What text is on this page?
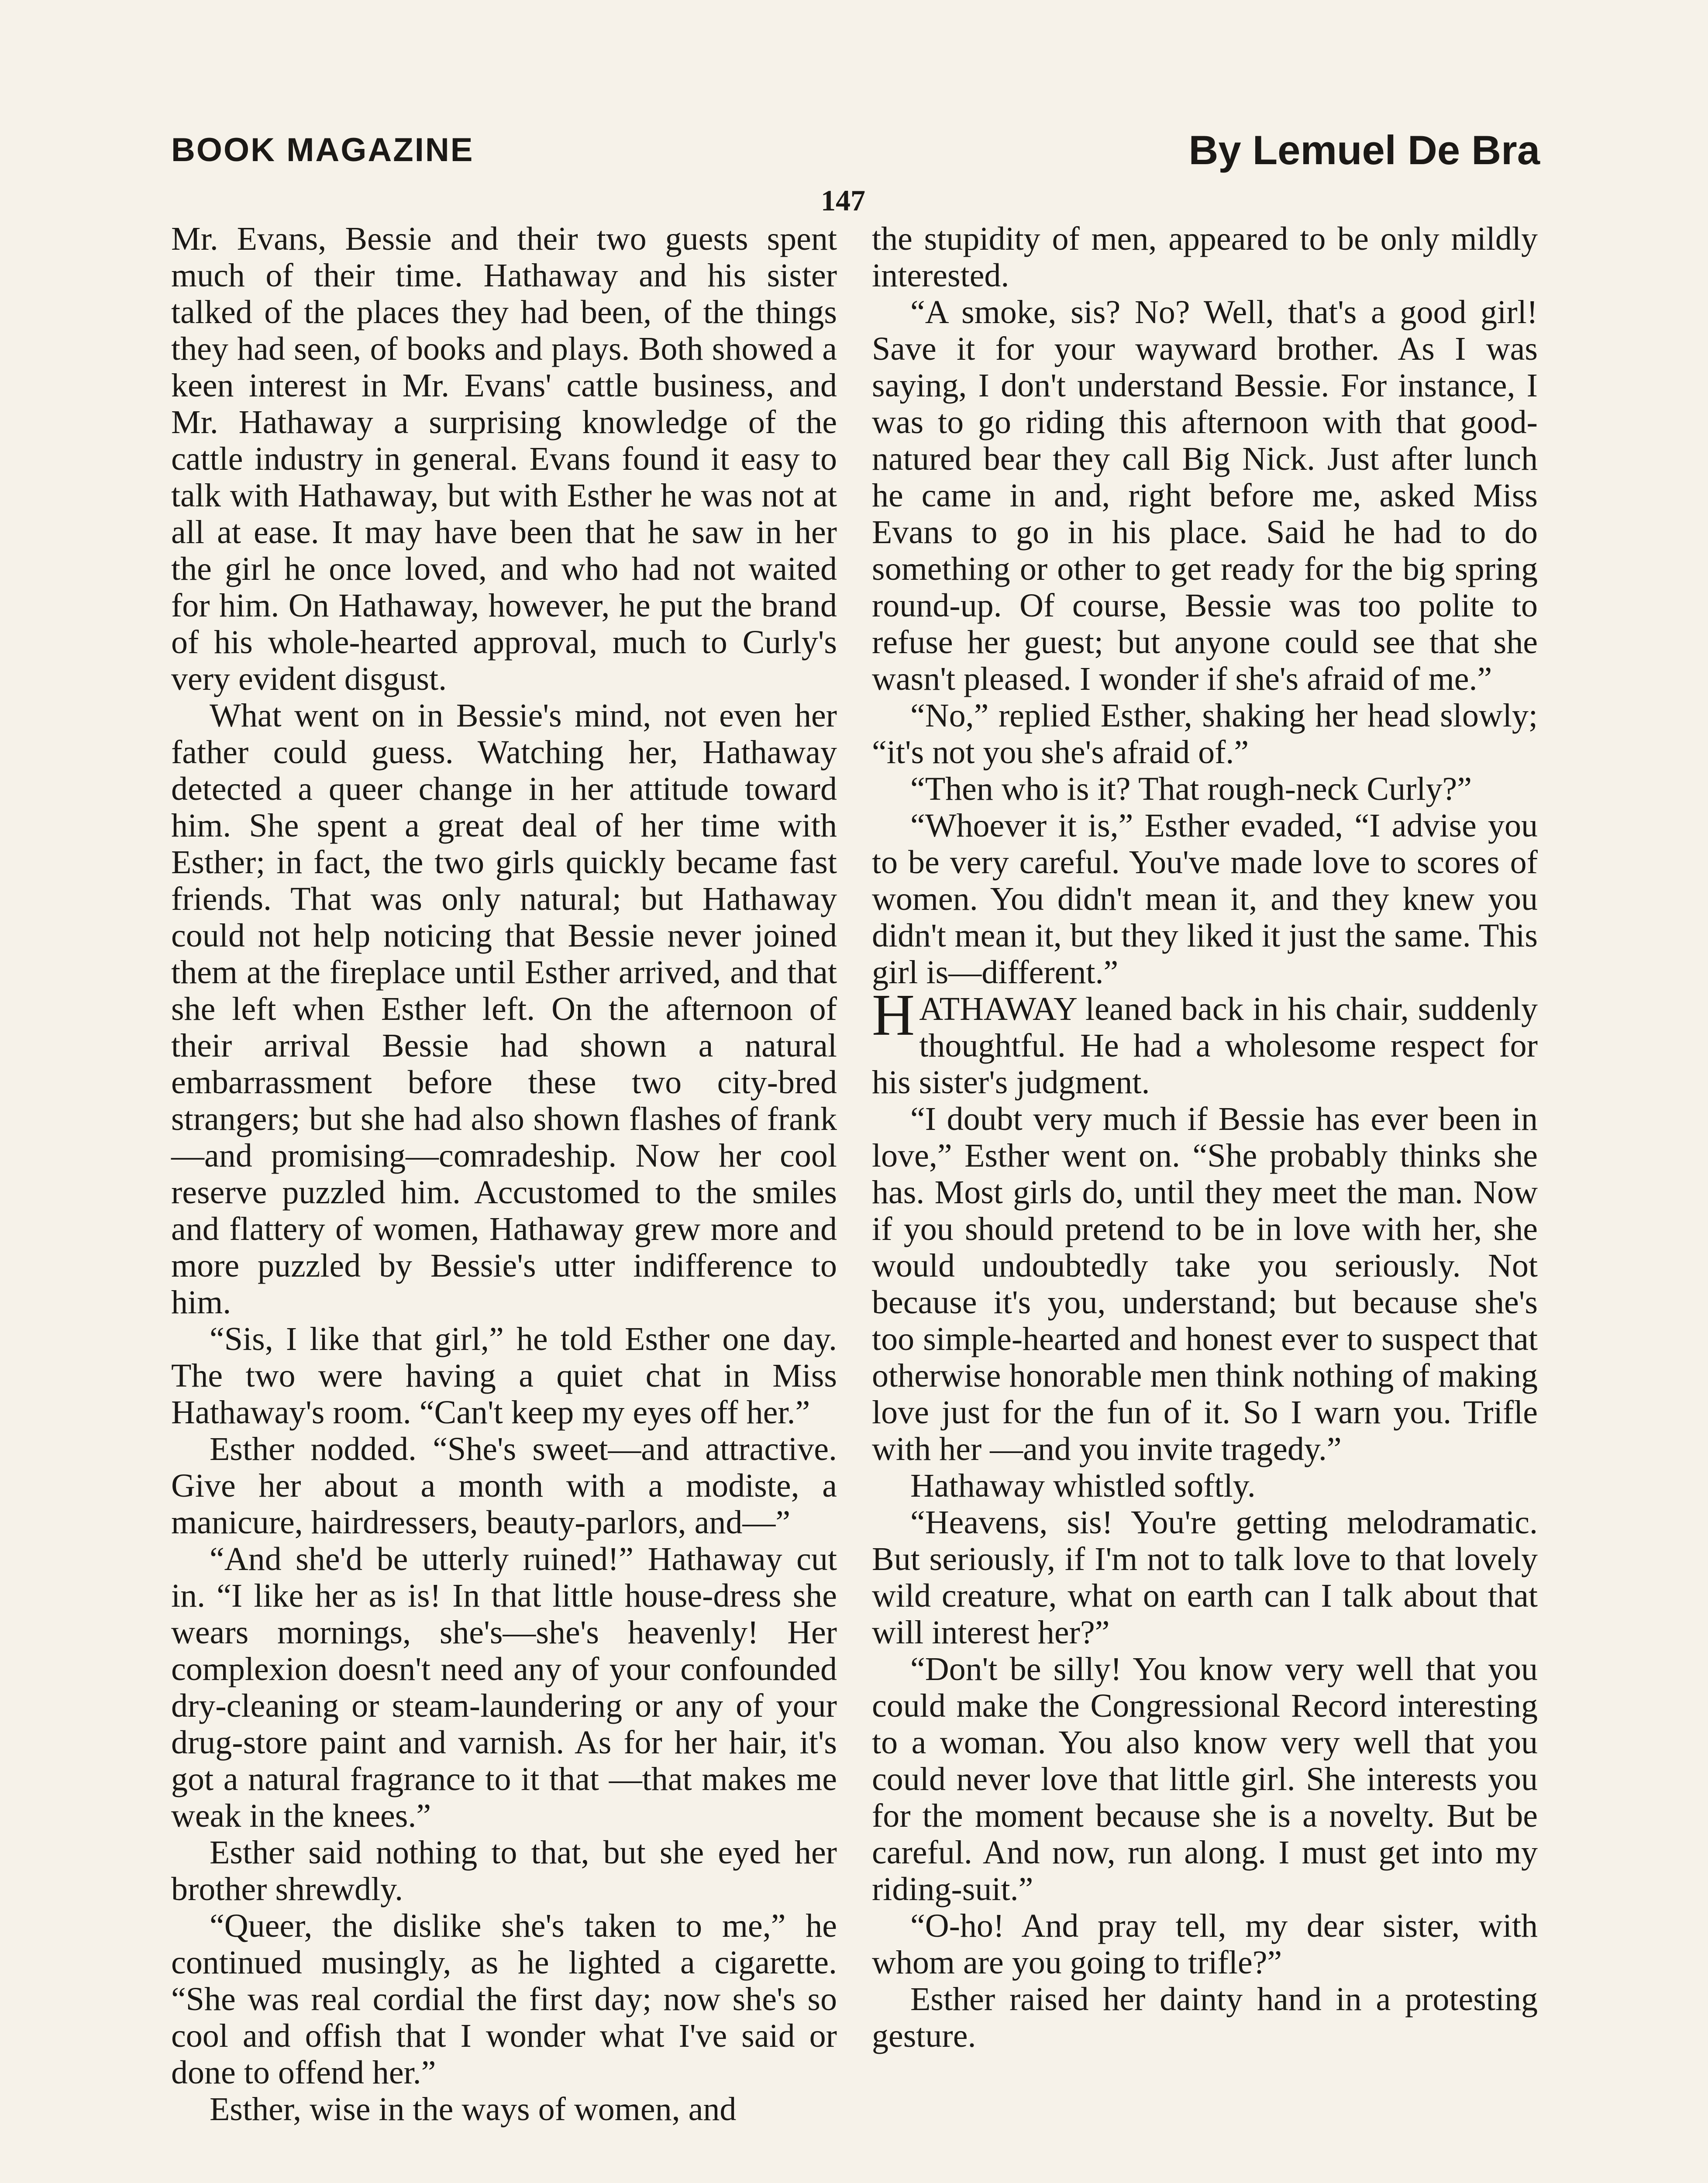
BOOK MAGAZINE	By Lemuel De Bra
147

Mr. Evans, Bessie and their two guests spent much of their time. Hathaway and his sister talked of the places they had been, of the things they had seen, of books and plays. Both showed a keen interest in Mr. Evans' cattle business, and Mr. Hathaway a surprising knowledge of the cattle industry in general. Evans found it easy to talk with Hathaway, but with Esther he was not at all at ease. It may have been that he saw in her the girl he once loved, and who had not waited for him. On Hathaway, however, he put the brand of his whole-hearted approval, much to Curly's very evident disgust.

What went on in Bessie's mind, not even her father could guess. Watching her, Hathaway detected a queer change in her attitude toward him. She spent a great deal of her time with Esther; in fact, the two girls quickly became fast friends. That was only natural; but Hathaway could not help noticing that Bessie never joined them at the fireplace until Esther arrived, and that she left when Esther left. On the afternoon of their arrival Bessie had shown a natural embarrassment before these two city-bred strangers; but she had also shown flashes of frank—and promising—comradeship. Now her cool reserve puzzled him. Accustomed to the smiles and flattery of women, Hathaway grew more and more puzzled by Bessie's utter indifference to him.

“Sis, I like that girl,” he told Esther one day. The two were having a quiet chat in Miss Hathaway's room. “Can't keep my eyes off her.”

Esther nodded. “She's sweet—and attractive. Give her about a month with a modiste, a manicure, hairdressers, beauty-parlors, and—”

“And she'd be utterly ruined!” Hathaway cut in. “I like her as is! In that little house-dress she wears mornings, she's—she's heavenly! Her complexion doesn't need any of your confounded dry-cleaning or steam-laundering or any of your drug-store paint and varnish. As for her hair, it's got a natural fragrance to it that —that makes me weak in the knees.”

Esther said nothing to that, but she eyed her brother shrewdly.

“Queer, the dislike she's taken to me,” he continued musingly, as he lighted a cigarette. “She was real cordial the first day; now she's so cool and offish that I wonder what I've said or done to offend her.”

Esther, wise in the ways of women, and

the stupidity of men, appeared to be only mildly interested.

“A smoke, sis? No? Well, that's a good girl! Save it for your wayward brother. As I was saying, I don't understand Bessie. For instance, I was to go riding this afternoon with that good-natured bear they call Big Nick. Just after lunch he came in and, right before me, asked Miss Evans to go in his place. Said he had to do something or other to get ready for the big spring round-up. Of course, Bessie was too polite to refuse her guest; but anyone could see that she wasn't pleased. I wonder if she's afraid of me.”

“No,” replied Esther, shaking her head slowly; “it's not you she's afraid of.”

“Then who is it? That rough-neck Curly?”

“Whoever it is,” Esther evaded, “I advise you to be very careful. You've made love to scores of women. You didn't mean it, and they knew you didn't mean it, but they liked it just the same. This girl is—different.”

HATHAWAY leaned back in his chair, suddenly thoughtful. He had a wholesome respect for his sister's judgment.

“I doubt very much if Bessie has ever been in love,” Esther went on. “She probably thinks she has. Most girls do, until they meet the man. Now if you should pretend to be in love with her, she would undoubtedly take you seriously. Not because it's you, understand; but because she's too simple-hearted and honest ever to suspect that otherwise honorable men think nothing of making love just for the fun of it. So I warn you. Trifle with her —and you invite tragedy.”

Hathaway whistled softly.

“Heavens, sis! You're getting melodramatic. But seriously, if I'm not to talk love to that lovely wild creature, what on earth can I talk about that will interest her?”

“Don't be silly! You know very well that you could make the Congressional Record interesting to a woman. You also know very well that you could never love that little girl. She interests you for the moment because she is a novelty. But be careful. And now, run along. I must get into my riding-suit.”

“O-ho! And pray tell, my dear sister, with whom are you going to trifle?”

Esther raised her dainty hand in a protesting gesture.
